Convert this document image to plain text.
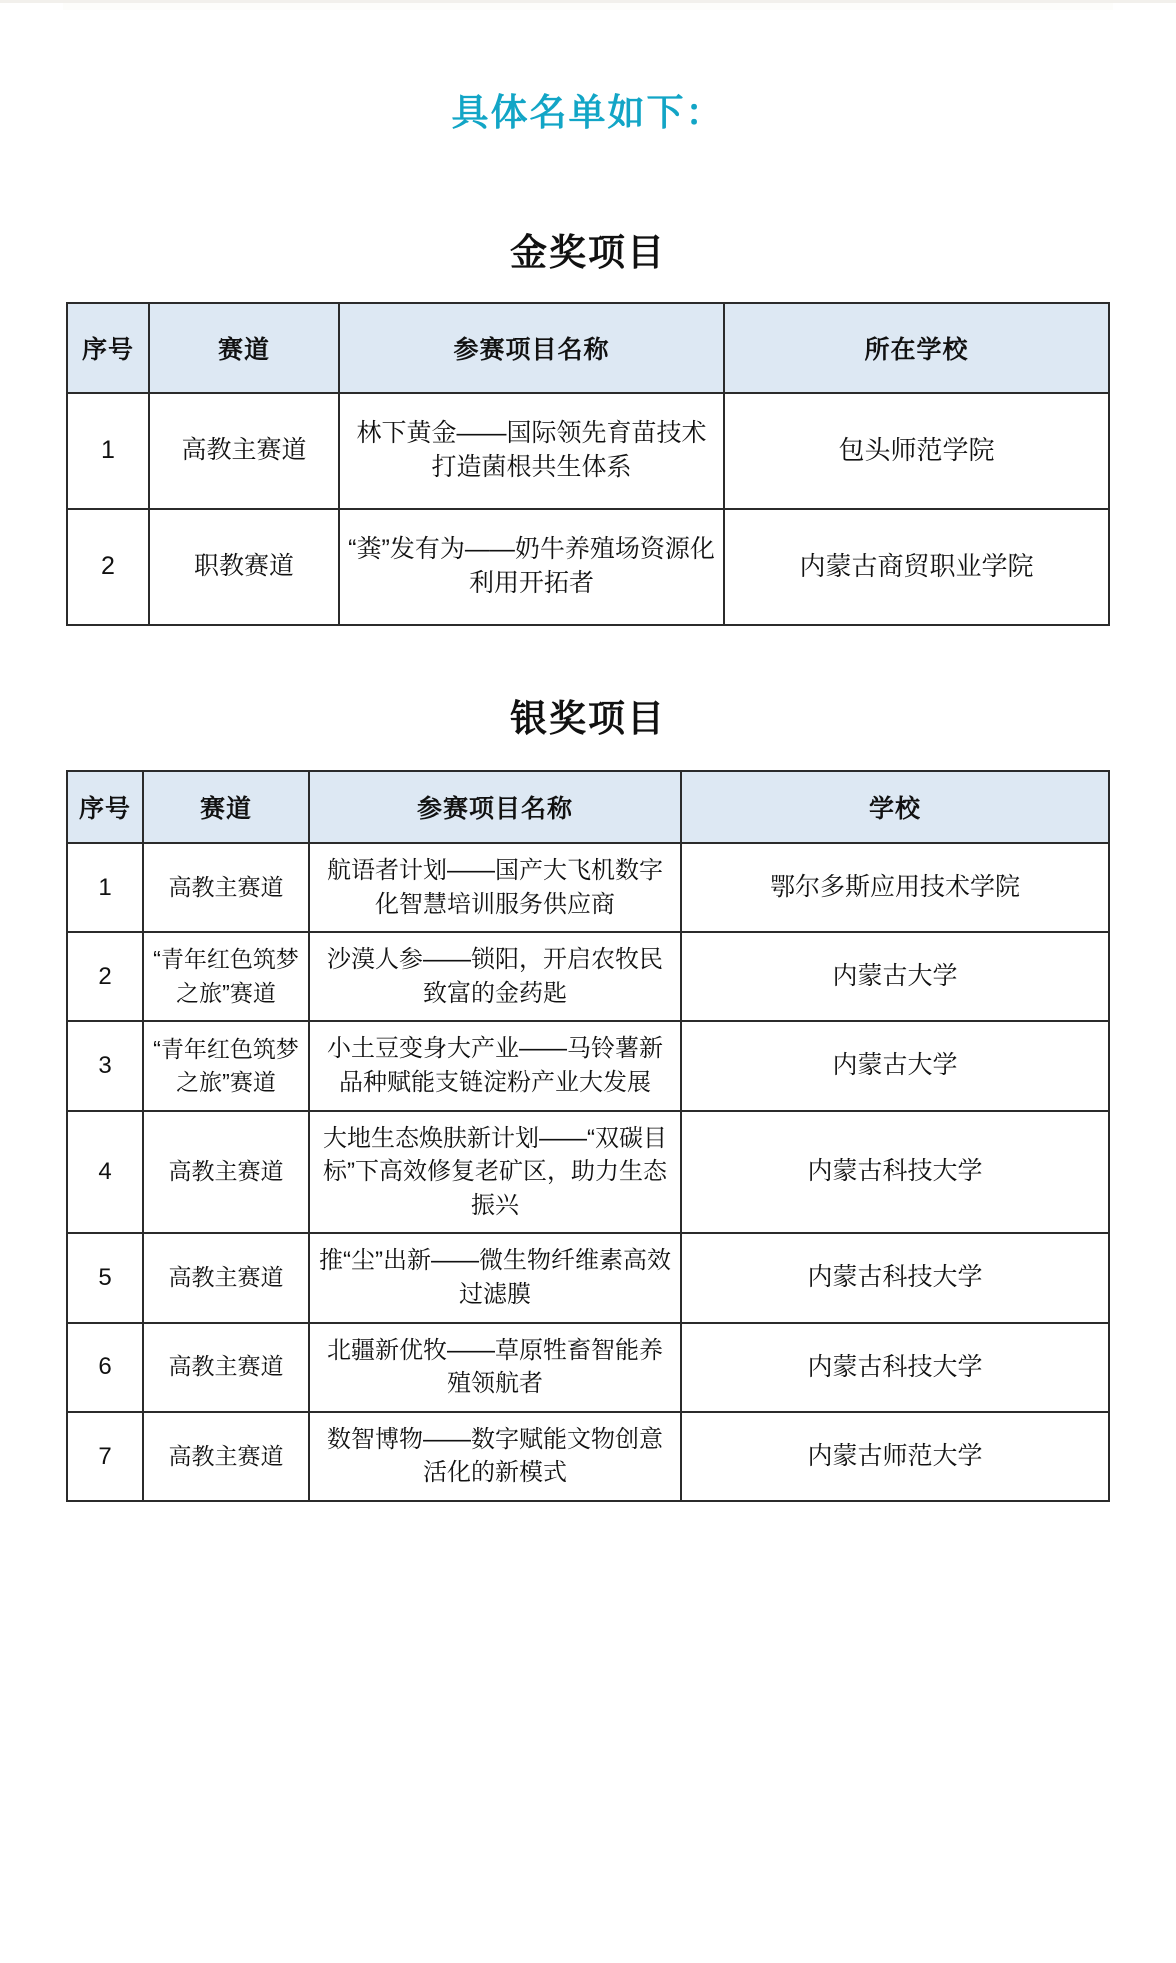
具体名单如下：
金奖项目
序号	赛道	参赛项目名称	所在学校
1	高教主赛道	林下黄金——国际领先育苗技术 打造菌根共生体系	包头师范学院
2	职教赛道	“粪”发有为——奶牛养殖场资源化利用开拓者	内蒙古商贸职业学院
银奖项目
序号	赛道	参赛项目名称	学校
1	高教主赛道	航语者计划——国产大飞机数字化智慧培训服务供应商	鄂尔多斯应用技术学院
2	“青年红色筑梦之旅”赛道	沙漠人参——锁阳，开启农牧民致富的金药匙	内蒙古大学
3	“青年红色筑梦之旅”赛道	小土豆变身大产业——马铃薯新品种赋能支链淀粉产业大发展	内蒙古大学
4	高教主赛道	大地生态焕肤新计划——“双碳目标”下高效修复老矿区，助力生态振兴	内蒙古科技大学
5	高教主赛道	推“尘”出新——微生物纤维素高效过滤膜	内蒙古科技大学
6	高教主赛道	北疆新优牧——草原牲畜智能养殖领航者	内蒙古科技大学
7	高教主赛道	数智博物——数字赋能文物创意活化的新模式	内蒙古师范大学
